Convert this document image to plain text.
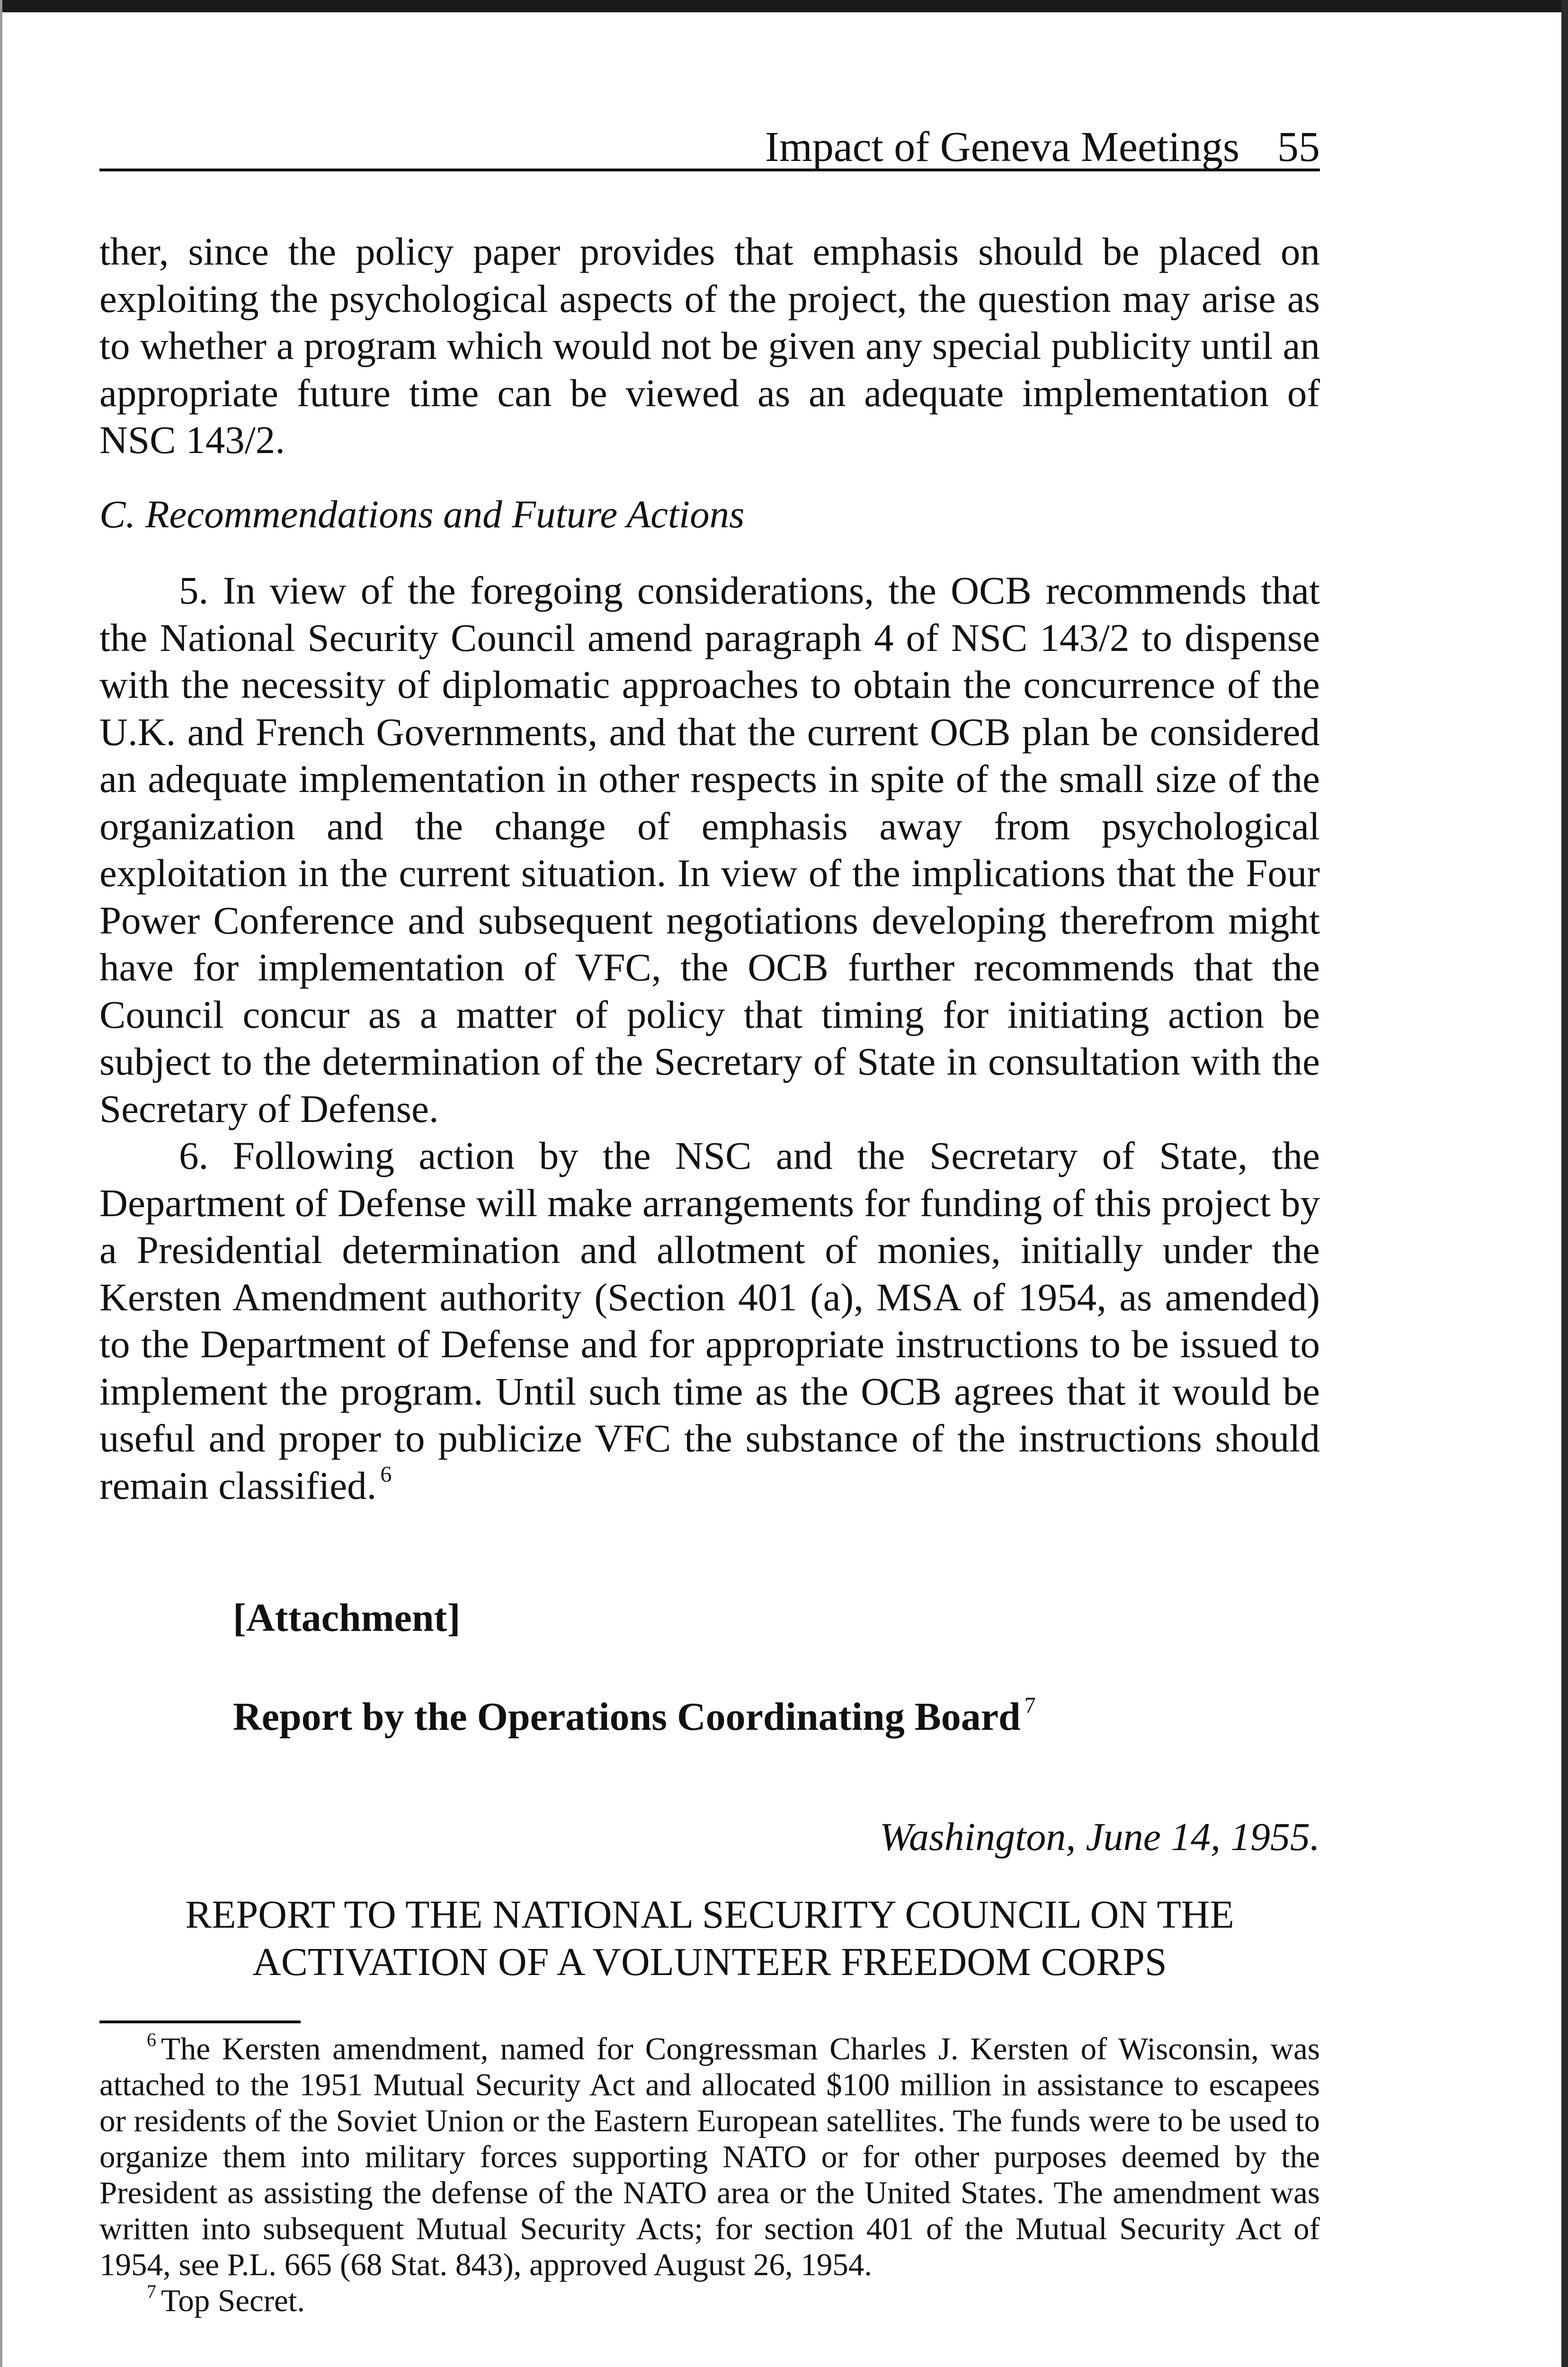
Impact of Geneva Meetings 55

ther, since the policy paper provides that emphasis should be placed on exploiting the psychological aspects of the project, the question may arise as to whether a program which would not be given any special publicity until an appropriate future time can be viewed as an adequate implementation of NSC 143/2.

C. Recommendations and Future Actions

5. In view of the foregoing considerations, the OCB recommends that the National Security Council amend paragraph 4 of NSC 143/2 to dispense with the necessity of diplomatic approaches to obtain the concurrence of the U.K. and French Governments, and that the current OCB plan be considered an adequate implementation in other respects in spite of the small size of the organization and the change of emphasis away from psychological exploitation in the current situation. In view of the implications that the Four Power Conference and subsequent negotiations developing therefrom might have for implementation of VFC, the OCB further recommends that the Council concur as a matter of policy that timing for initiating action be subject to the determination of the Secretary of State in consultation with the Secretary of Defense.

6. Following action by the NSC and the Secretary of State, the Department of Defense will make arrangements for funding of this project by a Presidential determination and allotment of monies, initially under the Kersten Amendment authority (Section 401 (a), MSA of 1954, as amended) to the Department of Defense and for appropriate instructions to be issued to implement the program. Until such time as the OCB agrees that it would be useful and proper to publicize VFC the substance of the instructions should remain classified. $^6$

[Attachment]
Report by the Operations Coordinating Board $^7$
Washington, June 14, 1955.
REPORT TO THE NATIONAL SECURITY COUNCIL ON THE
ACTIVATION OF A VOLUNTEER FREEDOM CORPS

$^6$ The Kersten amendment, named for Congressman Charles J. Kersten of Wisconsin, was attached to the 1951 Mutual Security Act and allocated $100 million in assistance to escapees or residents of the Soviet Union or the Eastern European satellites. The funds were to be used to organize them into military forces supporting NATO or for other purposes deemed by the President as assisting the defense of the NATO area or the United States. The amendment was written into subsequent Mutual Security Acts; for section 401 of the Mutual Security Act of 1954, see P.L. 665 (68 Stat. 843), approved August 26, 1954.

$^7$ Top Secret.
